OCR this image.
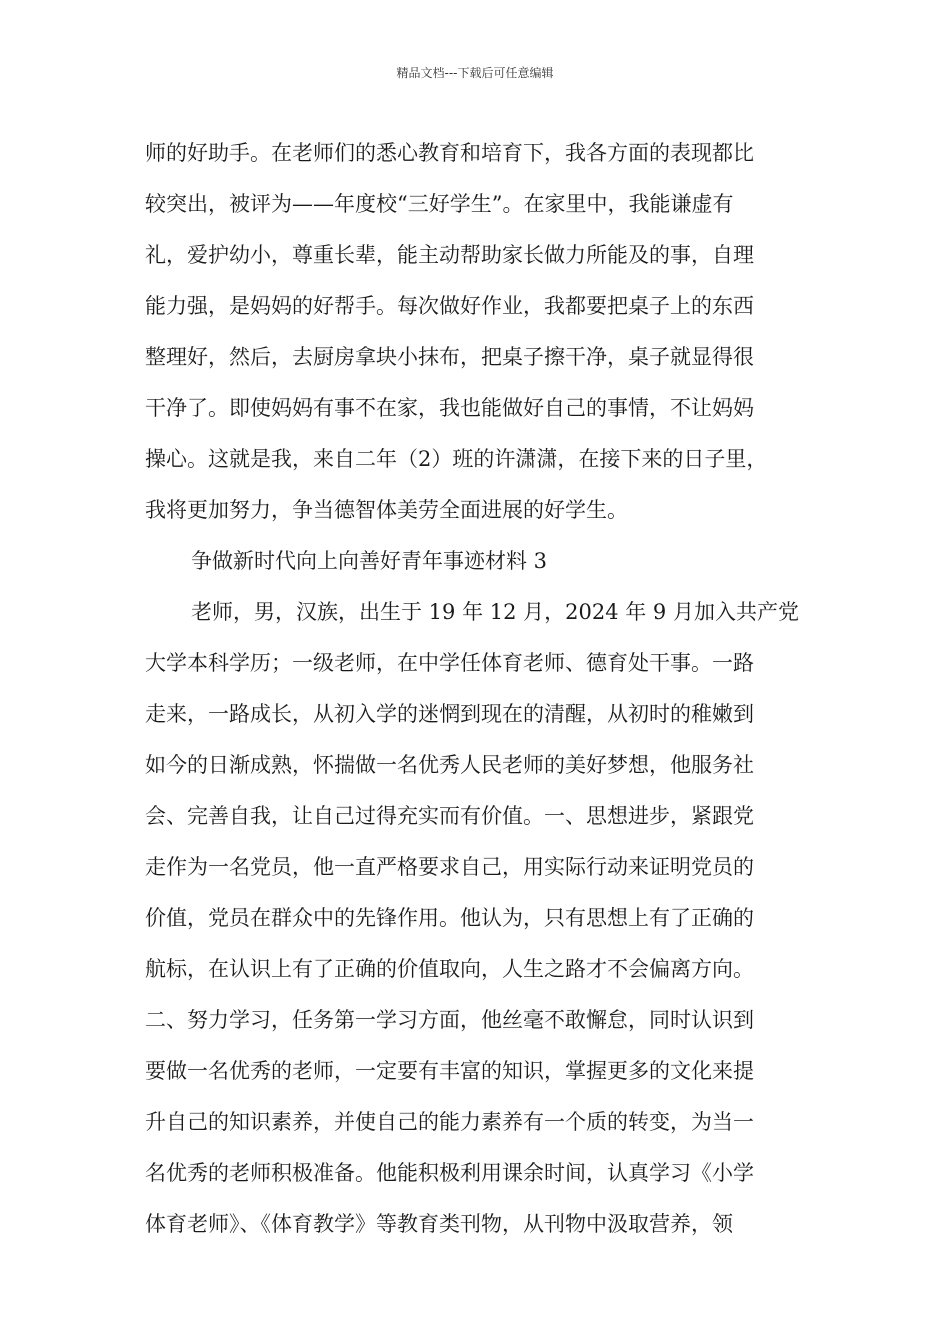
精品文档---下载后可任意编辑
师的好助手。在老师们的悉心教育和培育下，我各方面的表现都比
较突出，被评为——年度校“三好学生”。在家里中，我能谦虚有
礼，爱护幼小，尊重长辈，能主动帮助家长做力所能及的事，自理
能力强，是妈妈的好帮手。每次做好作业，我都要把桌子上的东西
整理好，然后，去厨房拿块小抹布，把桌子擦干净，桌子就显得很
干净了。即使妈妈有事不在家，我也能做好自己的事情，不让妈妈
操心。这就是我，来自二年（2）班的许潇潇，在接下来的日子里，
我将更加努力，争当德智体美劳全面进展的好学生。
争做新时代向上向善好青年事迹材料 3
老师，男，汉族，出生于 19 年 12 月，2024 年 9 月加入共产党
大学本科学历；一级老师，在中学任体育老师、德育处干事。一路
走来，一路成长，从初入学的迷惘到现在的清醒，从初时的稚嫩到
如今的日渐成熟，怀揣做一名优秀人民老师的美好梦想，他服务社
会、完善自我，让自己过得充实而有价值。一、思想进步，紧跟党
走作为一名党员，他一直严格要求自己，用实际行动来证明党员的
价值，党员在群众中的先锋作用。他认为，只有思想上有了正确的
航标，在认识上有了正确的价值取向，人生之路才不会偏离方向。
二、努力学习，任务第一学习方面，他丝毫不敢懈怠，同时认识到
要做一名优秀的老师，一定要有丰富的知识，掌握更多的文化来提
升自己的知识素养，并使自己的能力素养有一个质的转变，为当一
名优秀的老师积极准备。他能积极利用课余时间，认真学习《小学
体育老师》、《体育教学》等教育类刊物，从刊物中汲取营养，领
